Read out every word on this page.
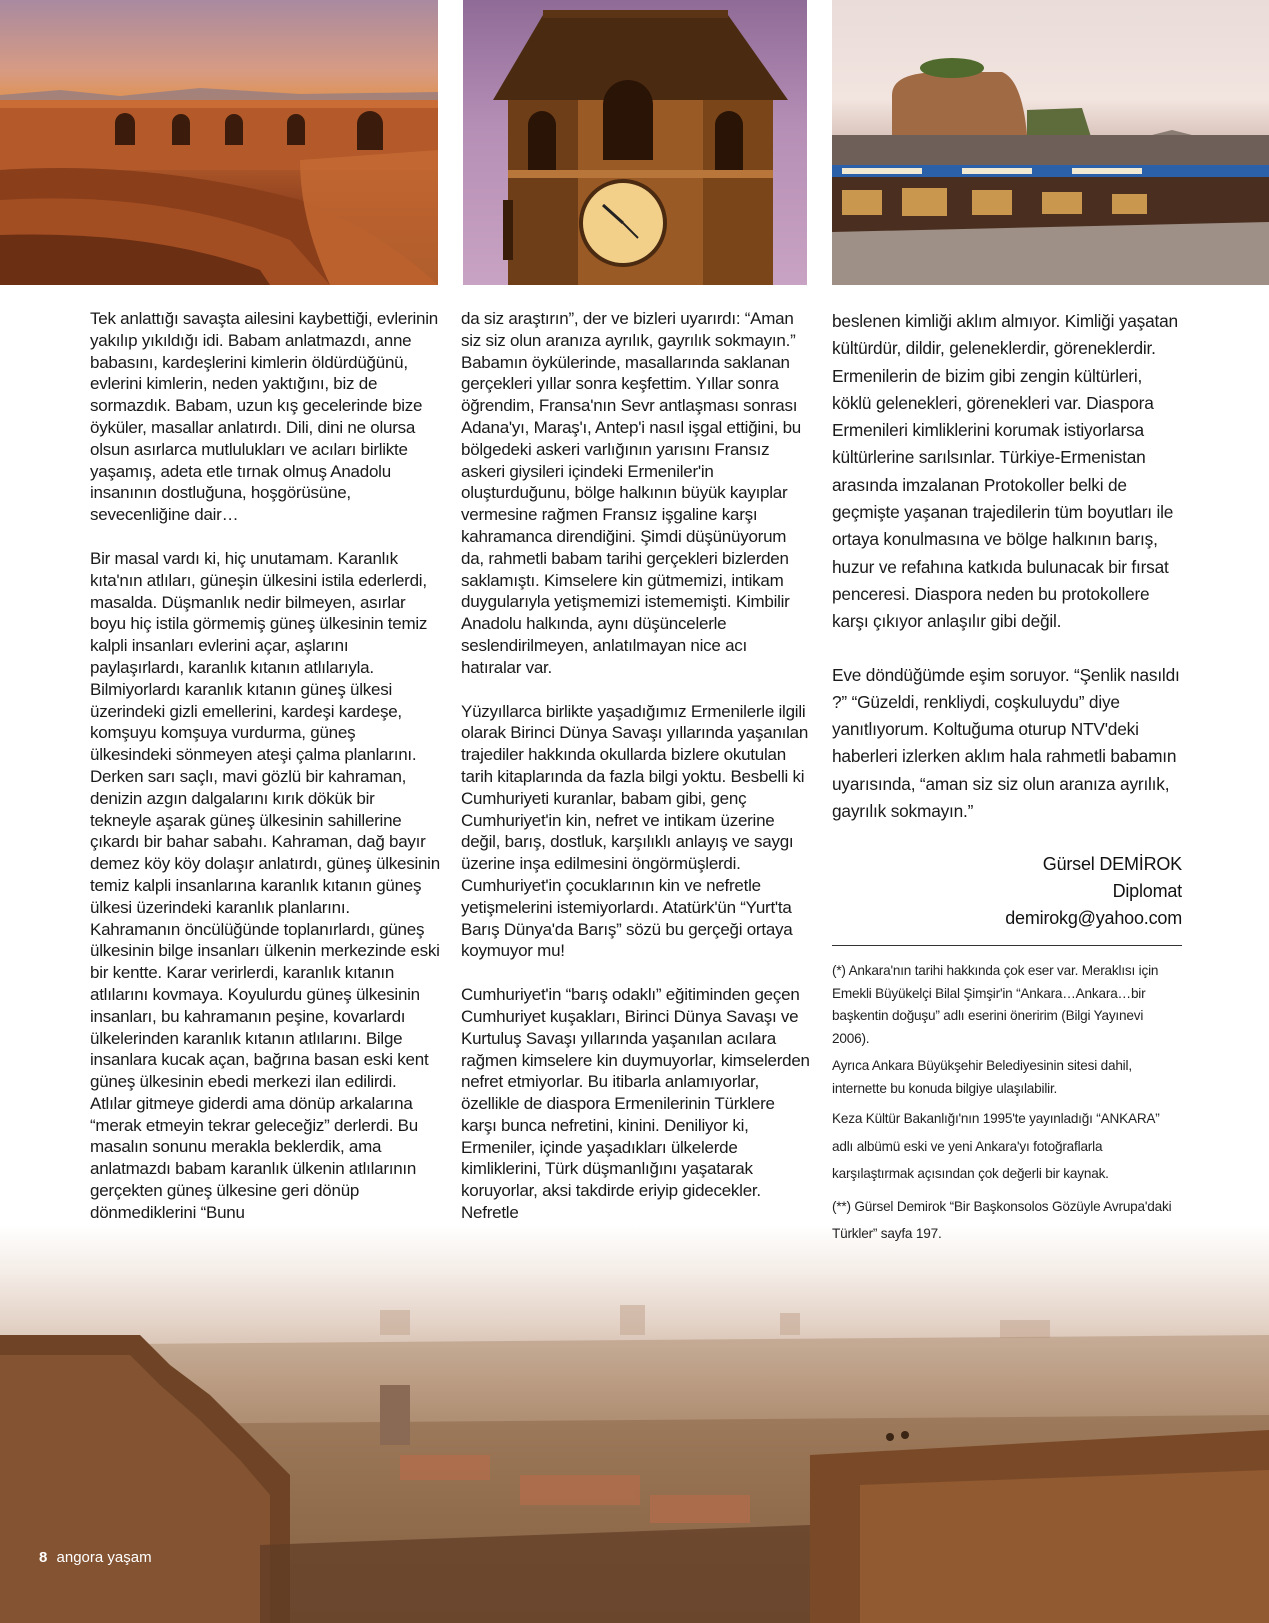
Tek anlattığı savaşta ailesini kaybettiği, evlerinin yakılıp yıkıldığı idi. Babam anlatmazdı, anne babasını, kardeşlerini kimlerin öldürdüğünü, evlerini kimlerin, neden yaktığını, biz de sormazdık. Babam, uzun kış gecelerinde bize öyküler, masallar anlatırdı. Dili, dini ne olursa olsun asırlarca mutlulukları ve acıları birlikte yaşamış, adeta etle tırnak olmuş Anadolu insanının dostluğuna, hoşgörüsüne, sevecenliğine dair…

Bir masal vardı ki, hiç unutamam. Karanlık kıta'nın atlıları, güneşin ülkesini istila ederlerdi, masalda. Düşmanlık nedir bilmeyen, asırlar boyu hiç istila görmemiş güneş ülkesinin temiz kalpli insanları evlerini açar, aşlarını paylaşırlardı, karanlık kıtanın atlılarıyla. Bilmiyorlardı karanlık kıtanın güneş ülkesi üzerindeki gizli emellerini, kardeşi kardeşe, komşuyu komşuya vurdurma, güneş ülkesindeki sönmeyen ateşi çalma planlarını. Derken sarı saçlı, mavi gözlü bir kahraman, denizin azgın dalgalarını kırık dökük bir tekneyle aşarak güneş ülkesinin sahillerine çıkardı bir bahar sabahı. Kahraman, dağ bayır demez köy köy dolaşır anlatırdı, güneş ülkesinin temiz kalpli insanlarına karanlık kıtanın güneş ülkesi üzerindeki karanlık planlarını. Kahramanın öncülüğünde toplanırlardı, güneş ülkesinin bilge insanları ülkenin merkezinde eski bir kentte. Karar verirlerdi, karanlık kıtanın atlılarını kovmaya. Koyulurdu güneş ülkesinin insanları, bu kahramanın peşine, kovarlardı ülkelerinden karanlık kıtanın atlılarını. Bilge insanlara kucak açan, bağrına basan eski kent güneş ülkesinin ebedi merkezi ilan edilirdi. Atlılar gitmeye giderdi ama dönüp arkalarına “merak etmeyin tekrar geleceğiz” derlerdi. Bu masalın sonunu merakla beklerdik, ama anlatmazdı babam karanlık ülkenin atlılarının gerçekten güneş ülkesine geri dönüp dönmediklerini “Bunu

da siz araştırın”, der ve bizleri uyarırdı: “Aman siz siz olun aranıza ayrılık, gayrılık sokmayın.” Babamın öykülerinde, masallarında saklanan gerçekleri yıllar sonra keşfettim. Yıllar sonra öğrendim, Fransa'nın Sevr antlaşması sonrası Adana'yı, Maraş'ı, Antep'i nasıl işgal ettiğini, bu bölgedeki askeri varlığının yarısını Fransız askeri giysileri içindeki Ermeniler'in oluşturduğunu, bölge halkının büyük kayıplar vermesine rağmen Fransız işgaline karşı kahramanca direndiğini. Şimdi düşünüyorum da, rahmetli babam tarihi gerçekleri bizlerden saklamıştı. Kimselere kin gütmemizi, intikam duygularıyla yetişmemizi istememişti. Kimbilir Anadolu halkında, aynı düşüncelerle seslendirilmeyen, anlatılmayan nice acı hatıralar var.

Yüzyıllarca birlikte yaşadığımız Ermenilerle ilgili olarak Birinci Dünya Savaşı yıllarında yaşanılan trajediler hakkında okullarda bizlere okutulan tarih kitaplarında da fazla bilgi yoktu. Besbelli ki Cumhuriyeti kuranlar, babam gibi, genç Cumhuriyet'in kin, nefret ve intikam üzerine değil, barış, dostluk, karşılıklı anlayış ve saygı üzerine inşa edilmesini öngörmüşlerdi. Cumhuriyet'in çocuklarının kin ve nefretle yetişmelerini istemiyorlardı. Atatürk'ün “Yurt'ta Barış Dünya'da Barış” sözü bu gerçeği ortaya koymuyor mu!

Cumhuriyet'in “barış odaklı” eğitiminden geçen Cumhuriyet kuşakları, Birinci Dünya Savaşı ve Kurtuluş Savaşı yıllarında yaşanılan acılara rağmen kimselere kin duymuyorlar, kimselerden nefret etmiyorlar. Bu itibarla anlamıyorlar, özellikle de diaspora Ermenilerinin Türklere karşı bunca nefretini, kinini. Deniliyor ki, Ermeniler, içinde yaşadıkları ülkelerde kimliklerini, Türk düşmanlığını yaşatarak koruyorlar, aksi takdirde eriyip gidecekler. Nefretle

beslenen kimliği aklım almıyor. Kimliği yaşatan kültürdür, dildir, geleneklerdir, göreneklerdir. Ermenilerin de bizim gibi zengin kültürleri, köklü gelenekleri, görenekleri var. Diaspora Ermenileri kimliklerini korumak istiyorlarsa kültürlerine sarılsınlar. Türkiye-Ermenistan arasında imzalanan Protokoller belki de geçmişte yaşanan trajedilerin tüm boyutları ile ortaya konulmasına ve bölge halkının barış, huzur ve refahına katkıda bulunacak bir fırsat penceresi. Diaspora neden bu protokollere karşı çıkıyor anlaşılır gibi değil.

Eve döndüğümde eşim soruyor. “Şenlik nasıldı ?” “Güzeldi, renkliydi, coşkuluydu” diye yanıtlıyorum. Koltuğuma oturup NTV'deki haberleri izlerken aklım hala rahmetli babamın uyarısında, “aman siz siz olun aranıza ayrılık, gayrılık sokmayın.”

Gürsel DEMİROK
Diplomat
demirokg@yahoo.com

(*) Ankara'nın tarihi hakkında çok eser var. Meraklısı için Emekli Büyükelçi Bilal Şimşir'in “Ankara…Ankara…bir başkentin doğuşu” adlı eserini öneririm (Bilgi Yayınevi 2006).

Ayrıca Ankara Büyükşehir Belediyesinin sitesi dahil, internette bu konuda bilgiye ulaşılabilir.

Keza Kültür Bakanlığı'nın 1995'te yayınladığı “ANKARA” adlı albümü eski ve yeni Ankara'yı fotoğraflarla karşılaştırmak açısından çok değerli bir kaynak.

(**) Gürsel Demirok “Bir Başkonsolos Gözüyle Avrupa'daki Türkler” sayfa 197.

8 angora yaşam
